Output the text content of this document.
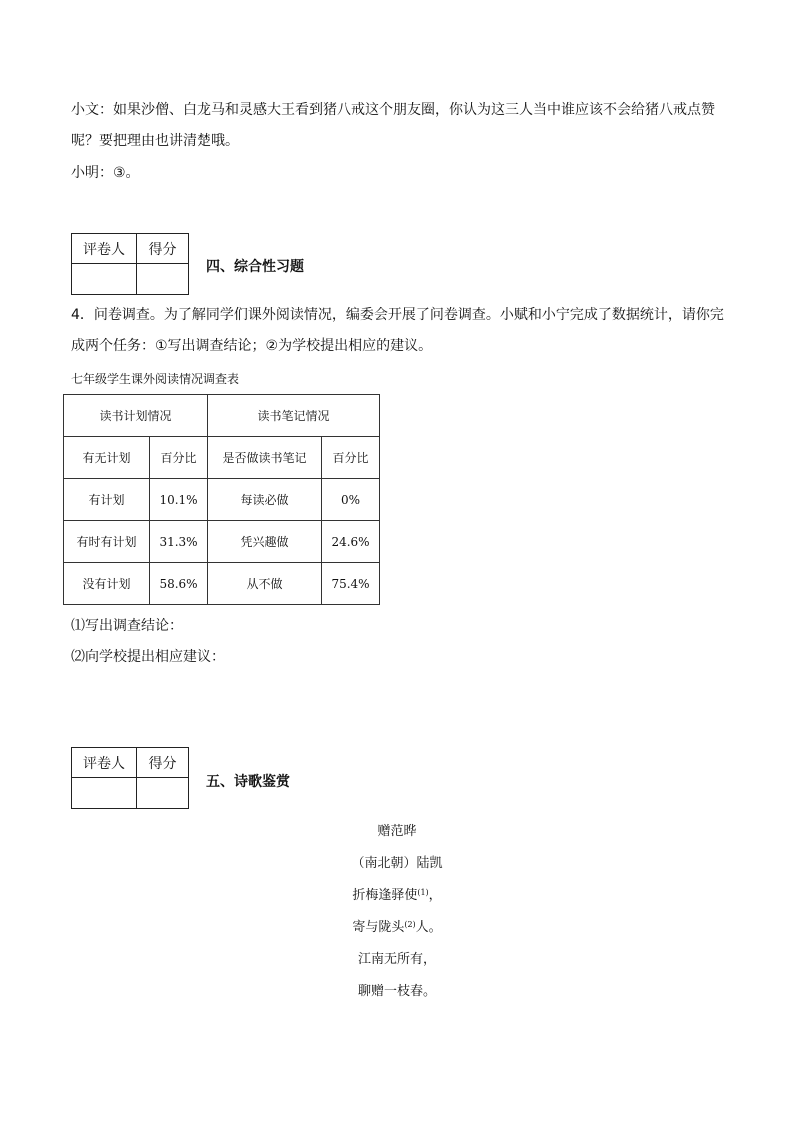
小文：如果沙僧、白龙马和灵感大王看到猪八戒这个朋友圈，你认为这三人当中谁应该不会给猪八戒点赞
呢？要把理由也讲清楚哦。
小明：③。
评卷人	得分

四、综合性习题
4．问卷调查。为了解同学们课外阅读情况，编委会开展了问卷调查。小赋和小宁完成了数据统计，请你完
成两个任务：①写出调查结论；②为学校提出相应的建议。
七年级学生课外阅读情况调查表
读书计划情况		读书笔记情况	
有无计划	百分比	是否做读书笔记	百分比
有计划	10.1%	每读必做	0%
有时有计划	31.3%	凭兴趣做	24.6%
没有计划	58.6%	从不做	75.4%
⑴写出调查结论：
⑵向学校提出相应建议：
评卷人	得分

五、诗歌鉴赏
赠范晔
（南北朝）陆凯
折梅逢驿使$^{(1)}$，
寄与陇头$^{(2)}$人。
江南无所有，
聊赠一枝春。
